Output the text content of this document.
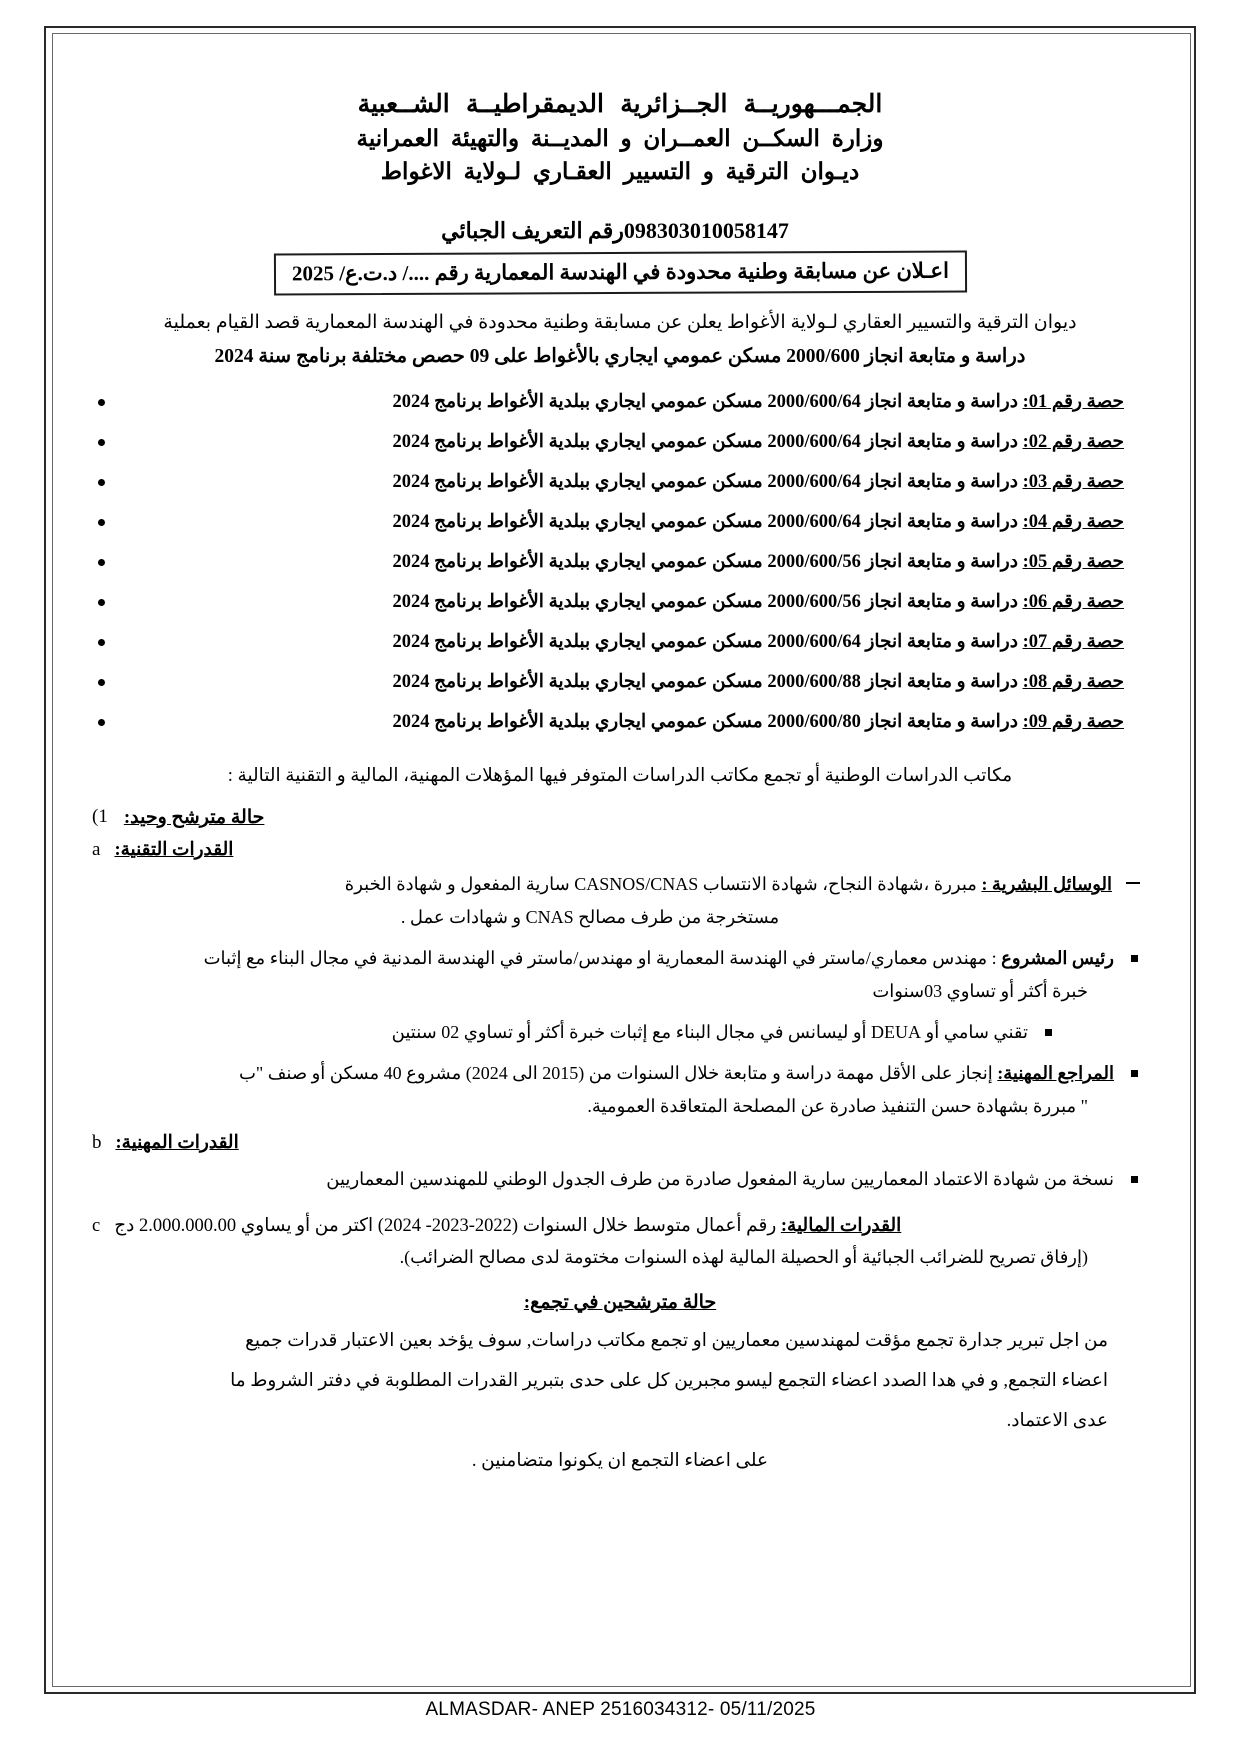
الجمـــهوريــة الجــزائرية الديمقراطيــة الشــعبية
وزارة السكــن العمــران و المديــنة والتهيئة العمرانية
ديـوان الترقية و التسيير العقـاري لـولاية الاغواط
098303010058147رقم التعريف الجبائي
اعـلان عن مسابقة وطنية محدودة في الهندسة المعمارية رقم ..../ د.ت.ع/ 2025
ديوان الترقية والتسيير العقاري لـولاية الأغواط يعلن عن مسابقة وطنية محدودة في الهندسة المعمارية قصد القيام بعملية
دراسة و متابعة انجاز 2000/600 مسكن عمومي ايجاري بالأغواط على 09 حصص مختلفة برنامج سنة 2024
حصة رقم 01: دراسة و متابعة انجاز 2000/600/64 مسكن عمومي ايجاري ببلدية الأغواط برنامج 2024
حصة رقم 02: دراسة و متابعة انجاز 2000/600/64 مسكن عمومي ايجاري ببلدية الأغواط برنامج 2024
حصة رقم 03: دراسة و متابعة انجاز 2000/600/64 مسكن عمومي ايجاري ببلدية الأغواط برنامج 2024
حصة رقم 04: دراسة و متابعة انجاز 2000/600/64 مسكن عمومي ايجاري ببلدية الأغواط برنامج 2024
حصة رقم 05: دراسة و متابعة انجاز 2000/600/56 مسكن عمومي ايجاري ببلدية الأغواط برنامج 2024
حصة رقم 06: دراسة و متابعة انجاز 2000/600/56 مسكن عمومي ايجاري ببلدية الأغواط برنامج 2024
حصة رقم 07: دراسة و متابعة انجاز 2000/600/64 مسكن عمومي ايجاري ببلدية الأغواط برنامج 2024
حصة رقم 08: دراسة و متابعة انجاز 2000/600/88 مسكن عمومي ايجاري ببلدية الأغواط برنامج 2024
حصة رقم 09: دراسة و متابعة انجاز 2000/600/80 مسكن عمومي ايجاري ببلدية الأغواط برنامج 2024
مكاتب الدراسات الوطنية أو تجمع مكاتب الدراسات المتوفر فيها المؤهلات المهنية، المالية و التقنية التالية :
1) حالة مترشح وحيد:
a القدرات التقنية:
الوسائل البشرية : مبررة ،شهادة النجاح، شهادة الانتساب CASNOS/CNAS سارية المفعول و شهادة الخبرة
مستخرجة من طرف مصالح CNAS و شهادات عمل .
رئيس المشروع : مهندس معماري/ماستر في الهندسة المعمارية او مهندس/ماستر في الهندسة المدنية في مجال البناء مع إثبات
خبرة أكثر أو تساوي 03سنوات
تقني سامي أو DEUA أو ليسانس في مجال البناء مع إثبات خبرة أكثر أو تساوي 02 سنتين
المراجع المهنية: إنجاز على الأقل مهمة دراسة و متابعة خلال السنوات من (2015 الى 2024) مشروع 40 مسكن أو صنف "ب
" مبررة بشهادة حسن التنفيذ صادرة عن المصلحة المتعاقدة العمومية.
b القدرات المهنية:
نسخة من شهادة الاعتماد المعماريين سارية المفعول صادرة من طرف الجدول الوطني للمهندسين المعماريين
c	القدرات المالية: رقم أعمال متوسط خلال السنوات (2022-2023- 2024) اكتر من أو يساوي 2.000.000.00 دج
(إرفاق تصريح للضرائب الجبائية أو الحصيلة المالية لهذه السنوات مختومة لدى مصالح الضرائب).
حالة مترشحين في تجمع:
من اجل تبرير جدارة تجمع مؤقت لمهندسين معماريين او تجمع مكاتب دراسات, سوف يؤخد بعين الاعتبار قدرات جميع
اعضاء التجمع, و في هدا الصدد اعضاء التجمع ليسو مجبرين كل على حدى بتبرير القدرات المطلوبة في دفتر الشروط ما
عدى الاعتماد.
على اعضاء التجمع ان يكونوا متضامنين .
ALMASDAR- ANEP 2516034312- 05/11/2025
